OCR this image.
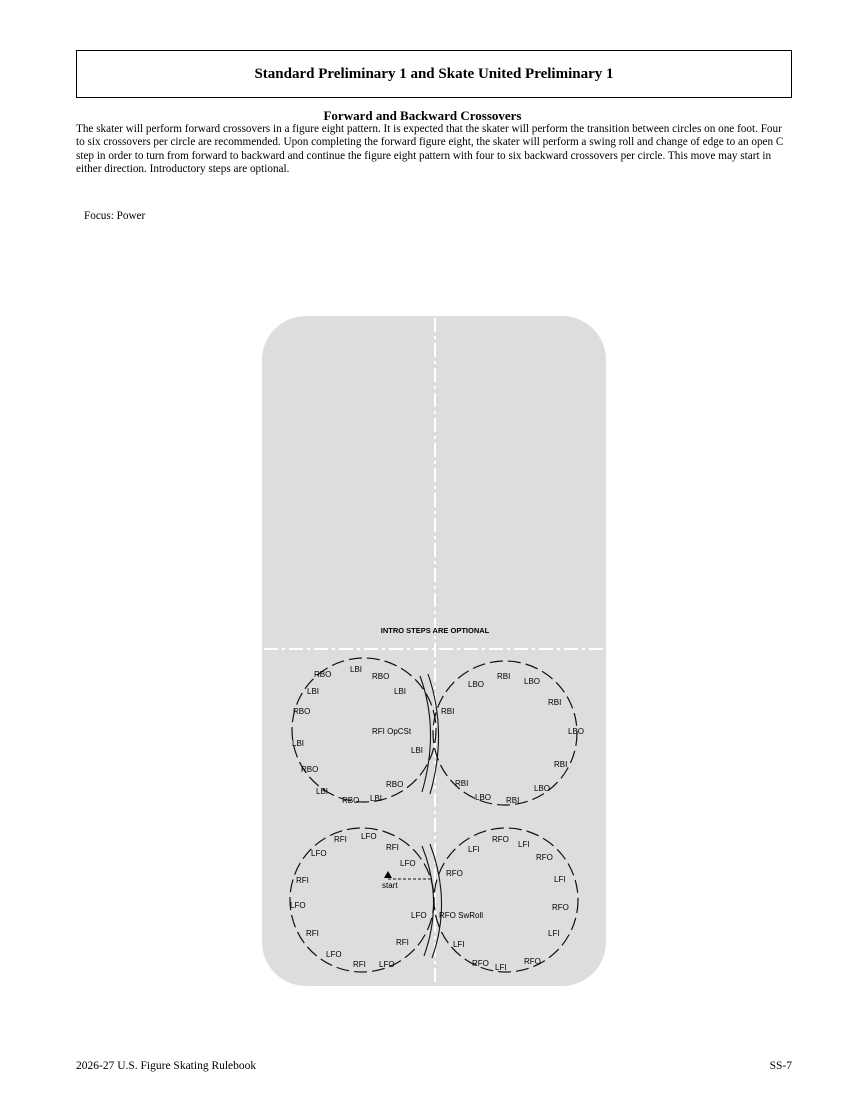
Standard Preliminary 1 and Skate United Preliminary 1
Forward and Backward Crossovers

The skater will perform forward crossovers in a figure eight pattern. It is expected that the skater will perform the transition between circles on one foot. Four to six crossovers per circle are recommended. Upon completing the forward figure eight, the skater will perform a swing roll and change of edge to an open C step in order to turn from forward to backward and continue the figure eight pattern with four to six backward crossovers per circle. This move may start in either direction. Introductory steps are optional.

Focus: Power
INTRO STEPS ARE OPTIONAL
start
RBO
LBI
RBO
LBI	LBI
RBO
LBI
RBO
LBI
RBO LBI
RBO
RFI OpCSt
LBI
LBO
RBI
LBO
RBI
LBO
RBI
LBO
RBI
LBO
RBI
RBI
RFI
LFO
LFO
RFI
RFI
LFO
RFI
LFO
RFI LFO
RFI
LFO
LFO
LFI
RFO
LFI
RFO
LFI
RFO
LFI
RFO
LFI
RFO
RFO
RFO SwRoll
LFI
2026-27 U.S. Figure Skating Rulebook	SS-7
